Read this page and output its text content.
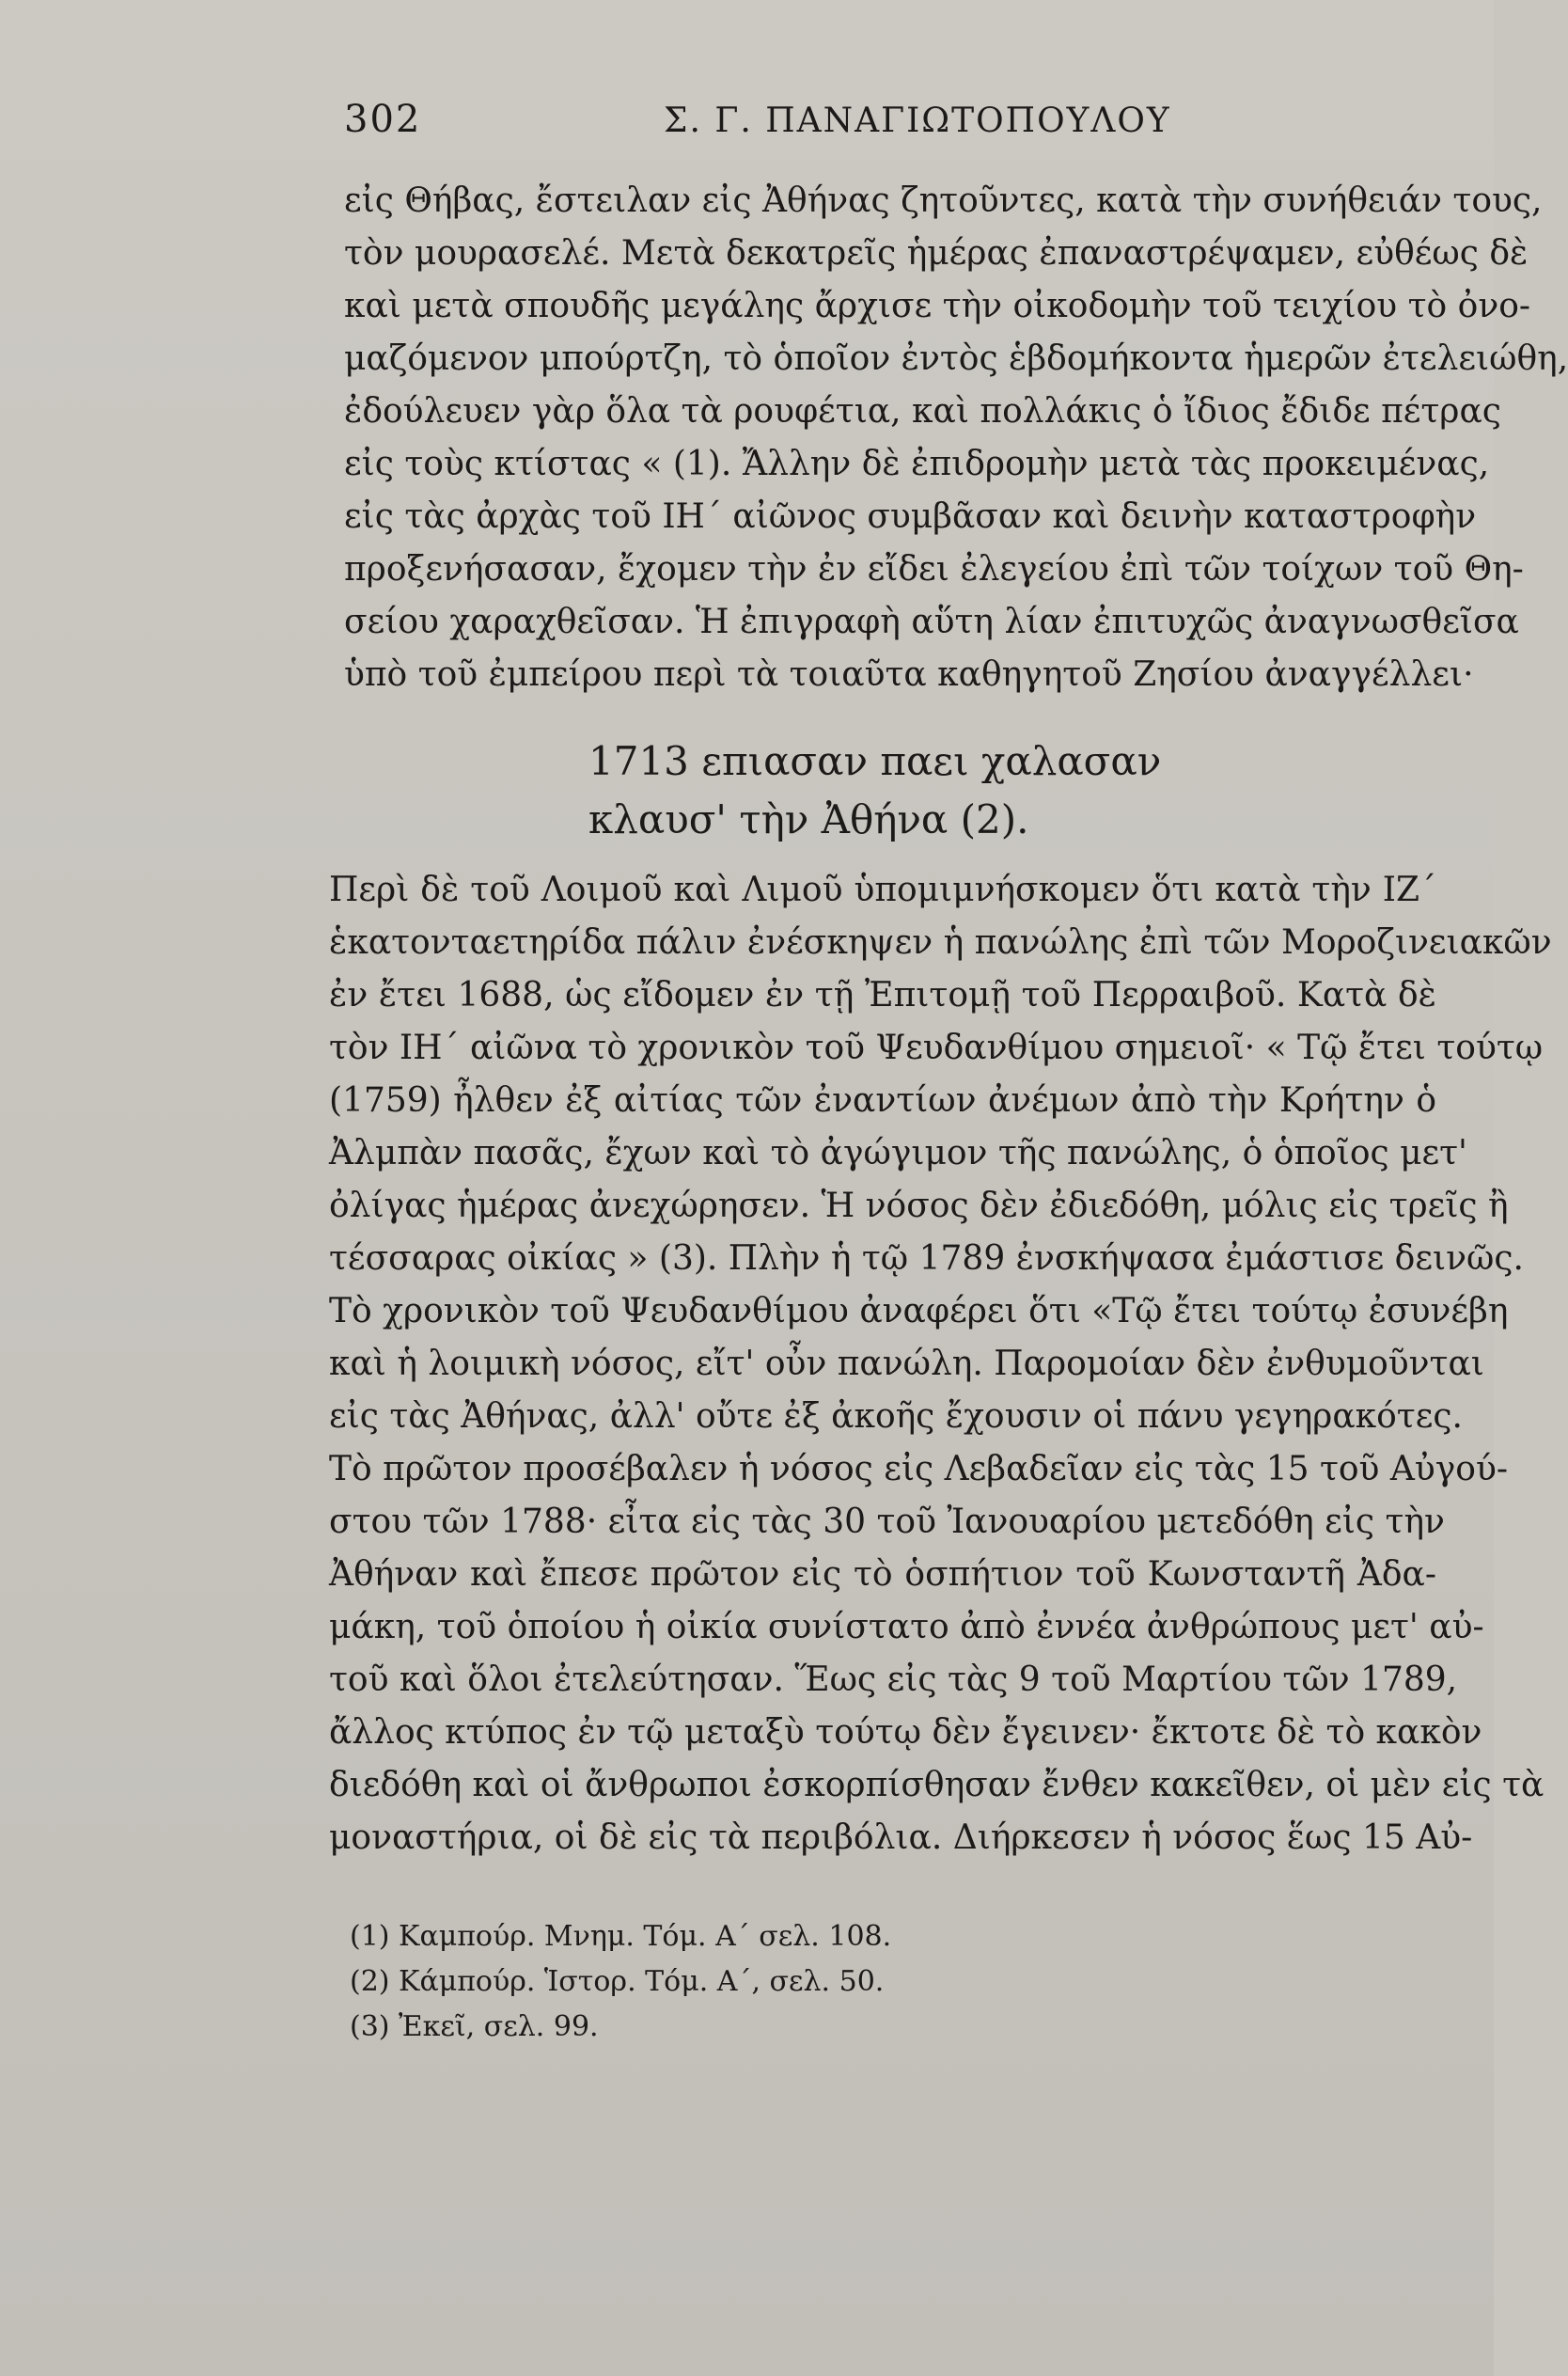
302	Σ. Γ. ΠΑΝΑΓΙΩΤΟΠΟΥΛΟΥ
εἰς Θήβας, ἔστειλαν εἰς Ἀθήνας ζητοῦντες, κατὰ τὴν συνήθειάν τους,
τὸν μουρασελέ. Μετὰ δεκατρεῖς ἡμέρας ἐπαναστρέψαμεν, εὐθέως δὲ
καὶ μετὰ σπουδῆς μεγάλης ἄρχισε τὴν οἰκοδομὴν τοῦ τειχίου τὸ ὀνο-
μαζόμενον μπούρτζη, τὸ ὁποῖον ἐντὸς ἑβδομήκοντα ἡμερῶν ἐτελειώθη,
ἐδούλευεν γὰρ ὅλα τὰ ρουφέτια, καὶ πολλάκις ὁ ἴδιος ἔδιδε πέτρας
εἰς τοὺς κτίστας « (1). Ἄλλην δὲ ἐπιδρομὴν μετὰ τὰς προκειμένας,
εἰς τὰς ἀρχὰς τοῦ ΙΗ΄ αἰῶνος συμβᾶσαν καὶ δεινὴν καταστροφὴν
προξενήσασαν, ἔχομεν τὴν ἐν εἴδει ἐλεγείου ἐπὶ τῶν τοίχων τοῦ Θη-
σείου χαραχθεῖσαν. Ἡ ἐπιγραφὴ αὕτη λίαν ἐπιτυχῶς ἀναγνωσθεῖσα
ὑπὸ τοῦ ἐμπείρου περὶ τὰ τοιαῦτα καθηγητοῦ Ζησίου ἀναγγέλλει·
1713 επιασαν παει χαλασαν
κλαυσ' τὴν Ἀθήνα (2).
Περὶ δὲ τοῦ Λοιμοῦ καὶ Λιμοῦ ὑπομιμνήσκομεν ὅτι κατὰ τὴν ΙΖ΄
ἑκατονταετηρίδα πάλιν ἐνέσκηψεν ἡ πανώλης ἐπὶ τῶν Μοροζινειακῶν
ἐν ἔτει 1688, ὡς εἴδομεν ἐν τῇ Ἐπιτομῇ τοῦ Περραιβοῦ. Κατὰ δὲ
τὸν ΙΗ΄ αἰῶνα τὸ χρονικὸν τοῦ Ψευδανθίμου σημειοῖ· « Τῷ ἔτει τούτῳ
(1759) ἦλθεν ἐξ αἰτίας τῶν ἐναντίων ἀνέμων ἀπὸ τὴν Κρήτην ὁ
Ἀλμπὰν πασᾶς, ἔχων καὶ τὸ ἀγώγιμον τῆς πανώλης, ὁ ὁποῖος μετ'
ὀλίγας ἡμέρας ἀνεχώρησεν. Ἡ νόσος δὲν ἐδιεδόθη, μόλις εἰς τρεῖς ἢ
τέσσαρας οἰκίας » (3). Πλὴν ἡ τῷ 1789 ἐνσκήψασα ἐμάστισε δεινῶς.
Τὸ χρονικὸν τοῦ Ψευδανθίμου ἀναφέρει ὅτι «Τῷ ἔτει τούτῳ ἐσυνέβη
καὶ ἡ λοιμικὴ νόσος, εἴτ' οὖν πανώλη. Παρομοίαν δὲν ἐνθυμοῦνται
εἰς τὰς Ἀθήνας, ἀλλ' οὔτε ἐξ ἀκοῆς ἔχουσιν οἱ πάνυ γεγηρακότες.
Τὸ πρῶτον προσέβαλεν ἡ νόσος εἰς Λεβαδεῖαν εἰς τὰς 15 τοῦ Αὐγού-
στου τῶν 1788· εἶτα εἰς τὰς 30 τοῦ Ἰανουαρίου μετεδόθη εἰς τὴν
Ἀθήναν καὶ ἔπεσε πρῶτον εἰς τὸ ὁσπήτιον τοῦ Κωνσταντῆ Ἀδα-
μάκη, τοῦ ὁποίου ἡ οἰκία συνίστατο ἀπὸ ἐννέα ἀνθρώπους μετ' αὐ-
τοῦ καὶ ὅλοι ἐτελεύτησαν. Ἕως εἰς τὰς 9 τοῦ Μαρτίου τῶν 1789,
ἄλλος κτύπος ἐν τῷ μεταξὺ τούτῳ δὲν ἔγεινεν· ἔκτοτε δὲ τὸ κακὸν
διεδόθη καὶ οἱ ἄνθρωποι ἐσκορπίσθησαν ἔνθεν κακεῖθεν, οἱ μὲν εἰς τὰ
μοναστήρια, οἱ δὲ εἰς τὰ περιβόλια. Διήρκεσεν ἡ νόσος ἕως 15 Αὐ-
(1) Καμπούρ. Μνημ. Τόμ. Α΄ σελ. 108.
(2) Κάμπούρ. Ἱστορ. Τόμ. Α΄, σελ. 50.
(3) Ἐκεῖ, σελ. 99.
